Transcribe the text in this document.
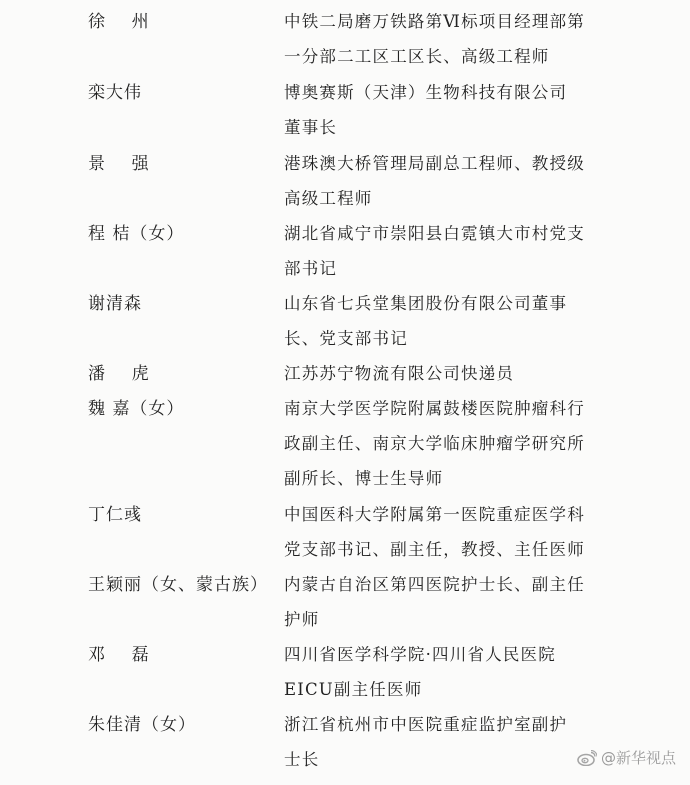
徐    州	中铁二局磨万铁路第Ⅵ标项目经理部第
一分部二工区工区长、高级工程师
栾大伟	博奥赛斯（天津）生物科技有限公司
董事长
景    强	港珠澳大桥管理局副总工程师、教授级
高级工程师
程 桔（女）	湖北省咸宁市崇阳县白霓镇大市村党支
部书记
谢清森	山东省七兵堂集团股份有限公司董事
长、党支部书记
潘    虎	江苏苏宁物流有限公司快递员
魏 嘉（女）	南京大学医学院附属鼓楼医院肿瘤科行
政副主任、南京大学临床肿瘤学研究所
副所长、博士生导师
丁仁彧	中国医科大学附属第一医院重症医学科
党支部书记、副主任，教授、主任医师
王颖丽（女、蒙古族） 内蒙古自治区第四医院护士长、副主任
护师
邓    磊	四川省医学科学院·四川省人民医院
EICU副主任医师
朱佳清（女）	浙江省杭州市中医院重症监护室副护
士长	@新华视点
